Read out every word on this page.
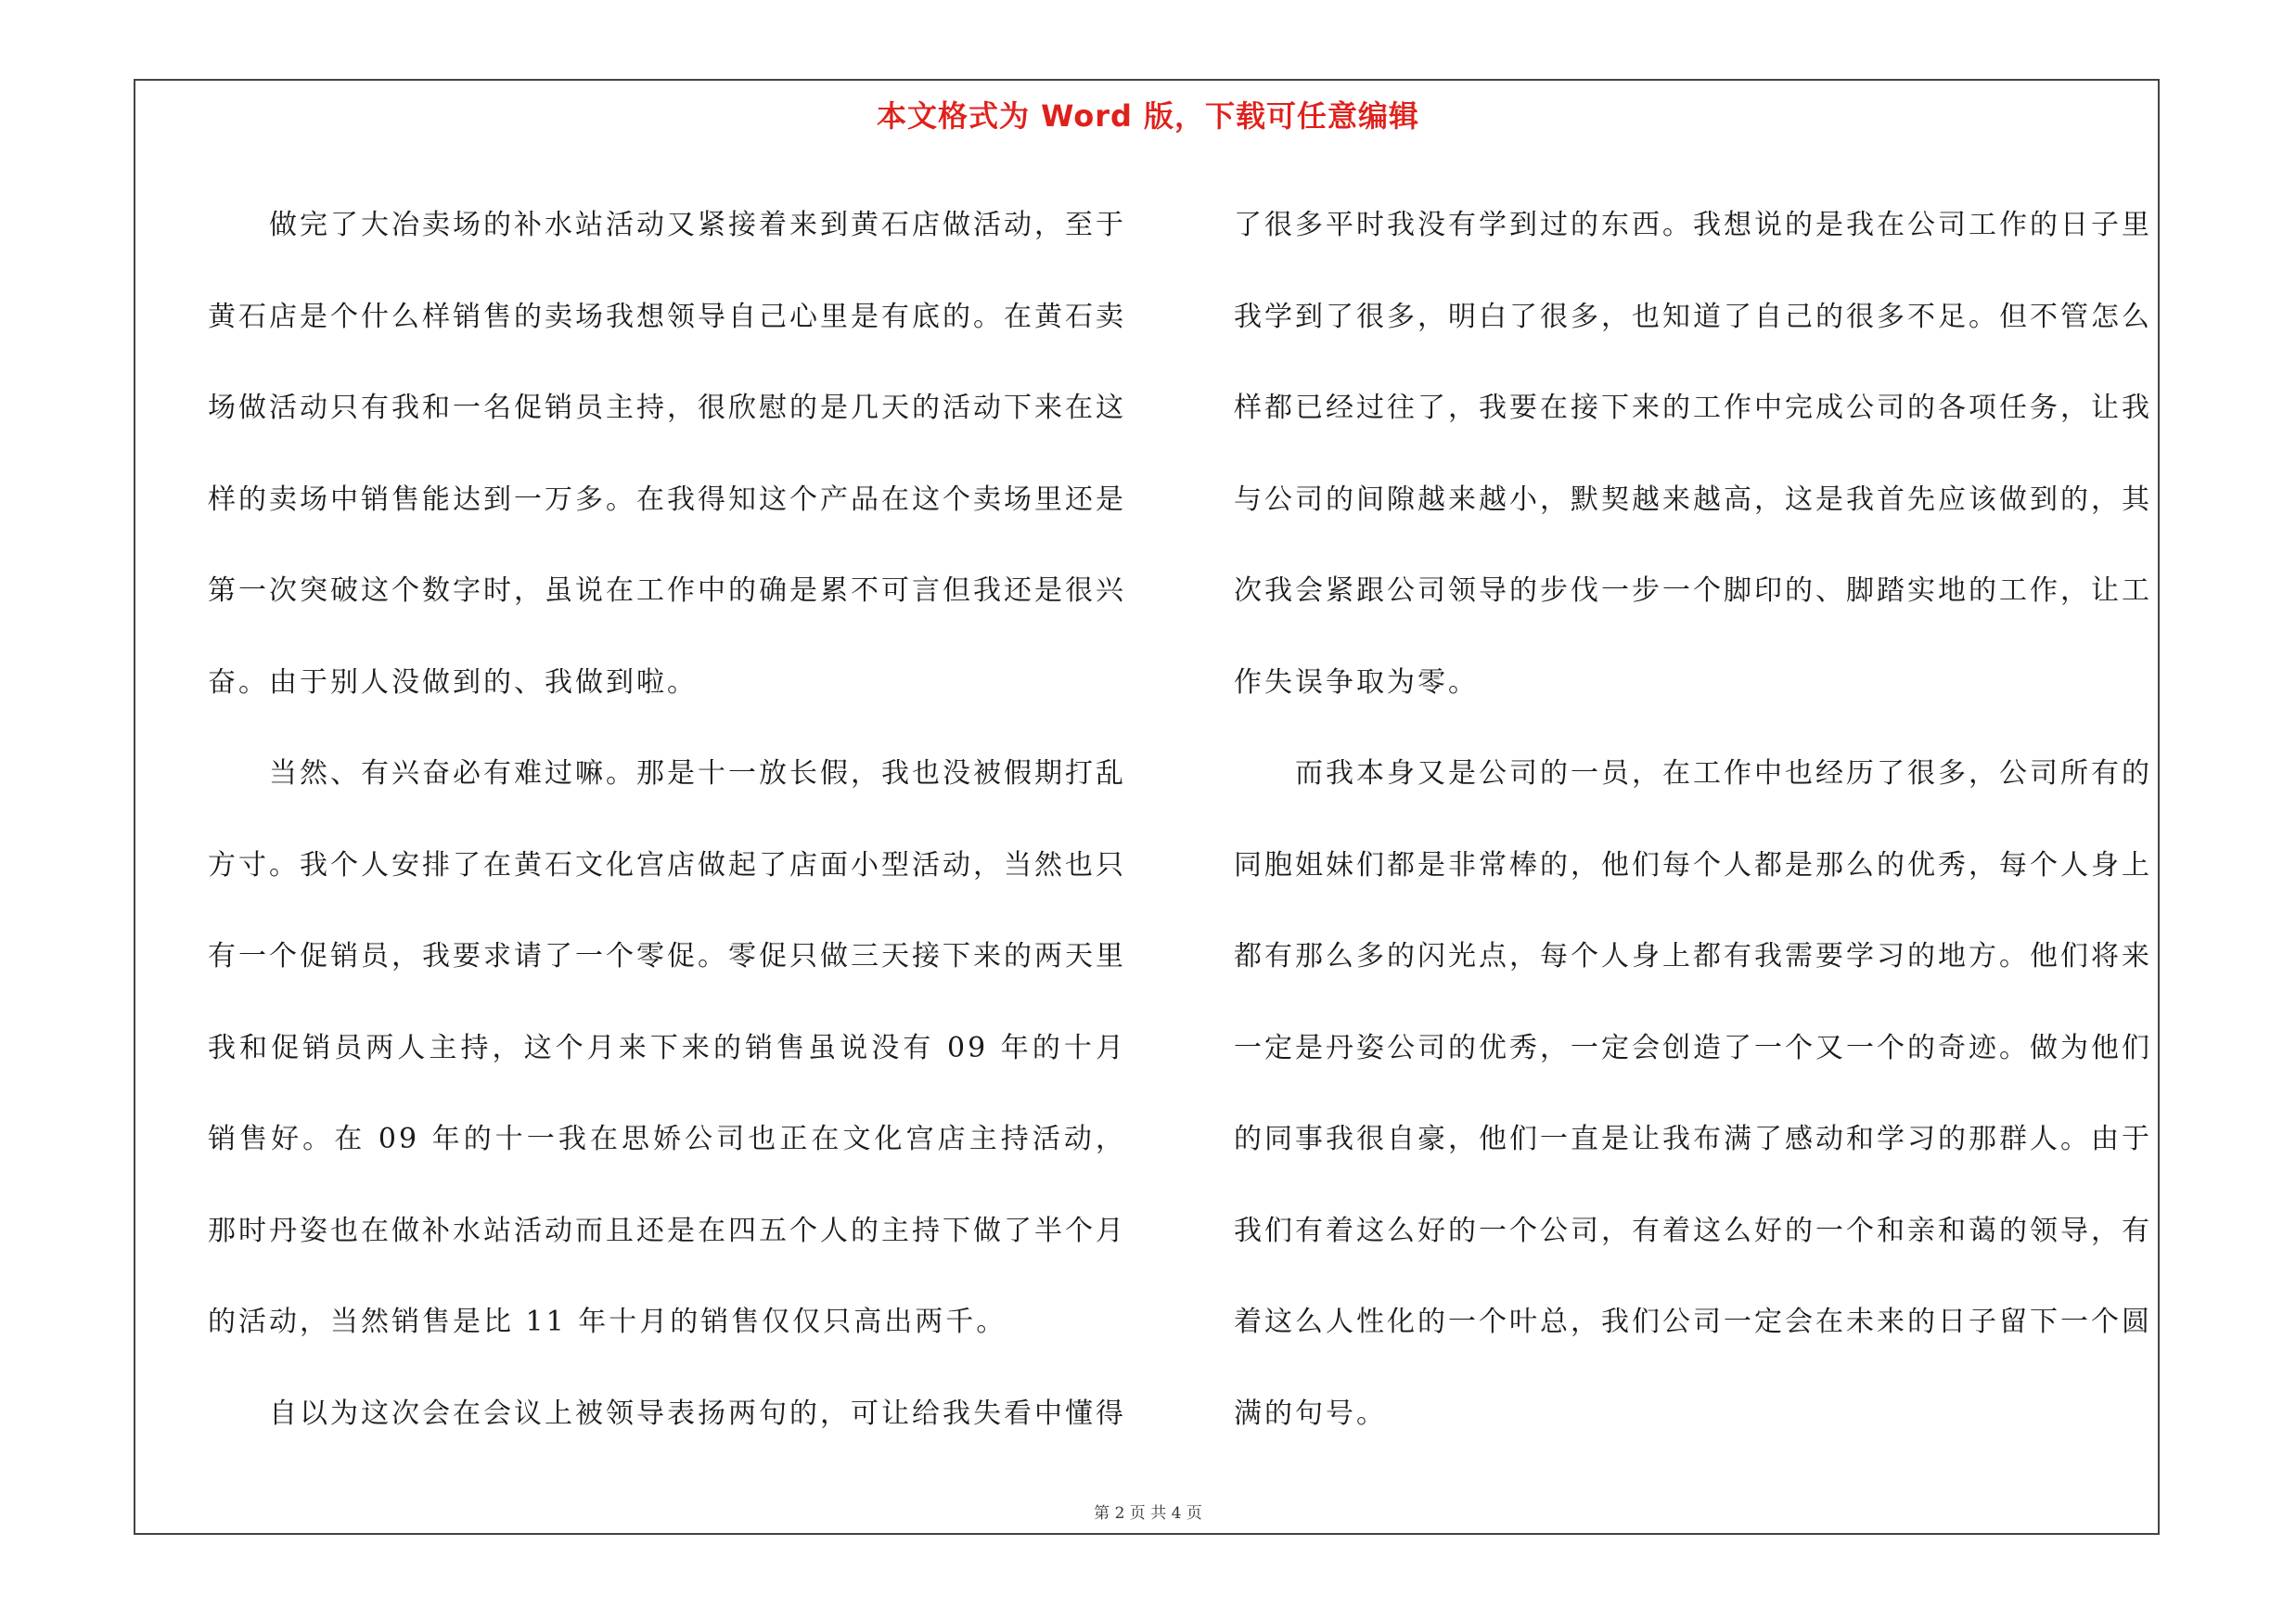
本文格式为 Word 版，下载可任意编辑

做完了大冶卖场的补水站活动又紧接着来到黄石店做活动，至于黄石店是个什么样销售的卖场我想领导自己心里是有底的。在黄石卖场做活动只有我和一名促销员主持，很欣慰的是几天的活动下来在这样的卖场中销售能达到一万多。在我得知这个产品在这个卖场里还是第一次突破这个数字时，虽说在工作中的确是累不可言但我还是很兴奋。由于别人没做到的、我做到啦。

当然、有兴奋必有难过嘛。那是十一放长假，我也没被假期打乱方寸。我个人安排了在黄石文化宫店做起了店面小型活动，当然也只有一个促销员，我要求请了一个零促。零促只做三天接下来的两天里我和促销员两人主持，这个月来下来的销售虽说没有 09 年的十月销售好。在 09 年的十一我在思娇公司也正在文化宫店主持活动，那时丹姿也在做补水站活动而且还是在四五个人的主持下做了半个月的活动，当然销售是比 11 年十月的销售仅仅只高出两千。

自以为这次会在会议上被领导表扬两句的，可让给我失看中懂得

了很多平时我没有学到过的东西。我想说的是我在公司工作的日子里我学到了很多，明白了很多，也知道了自己的很多不足。但不管怎么样都已经过往了，我要在接下来的工作中完成公司的各项任务，让我与公司的间隙越来越小，默契越来越高，这是我首先应该做到的，其次我会紧跟公司领导的步伐一步一个脚印的、脚踏实地的工作，让工作失误争取为零。

而我本身又是公司的一员，在工作中也经历了很多，公司所有的同胞姐妹们都是非常棒的，他们每个人都是那么的优秀，每个人身上都有那么多的闪光点，每个人身上都有我需要学习的地方。他们将来一定是丹姿公司的优秀，一定会创造了一个又一个的奇迹。做为他们的同事我很自豪，他们一直是让我布满了感动和学习的那群人。由于我们有着这么好的一个公司，有着这么好的一个和亲和蔼的领导，有着这么人性化的一个叶总，我们公司一定会在未来的日子留下一个圆满的句号。

第 2 页 共 4 页
